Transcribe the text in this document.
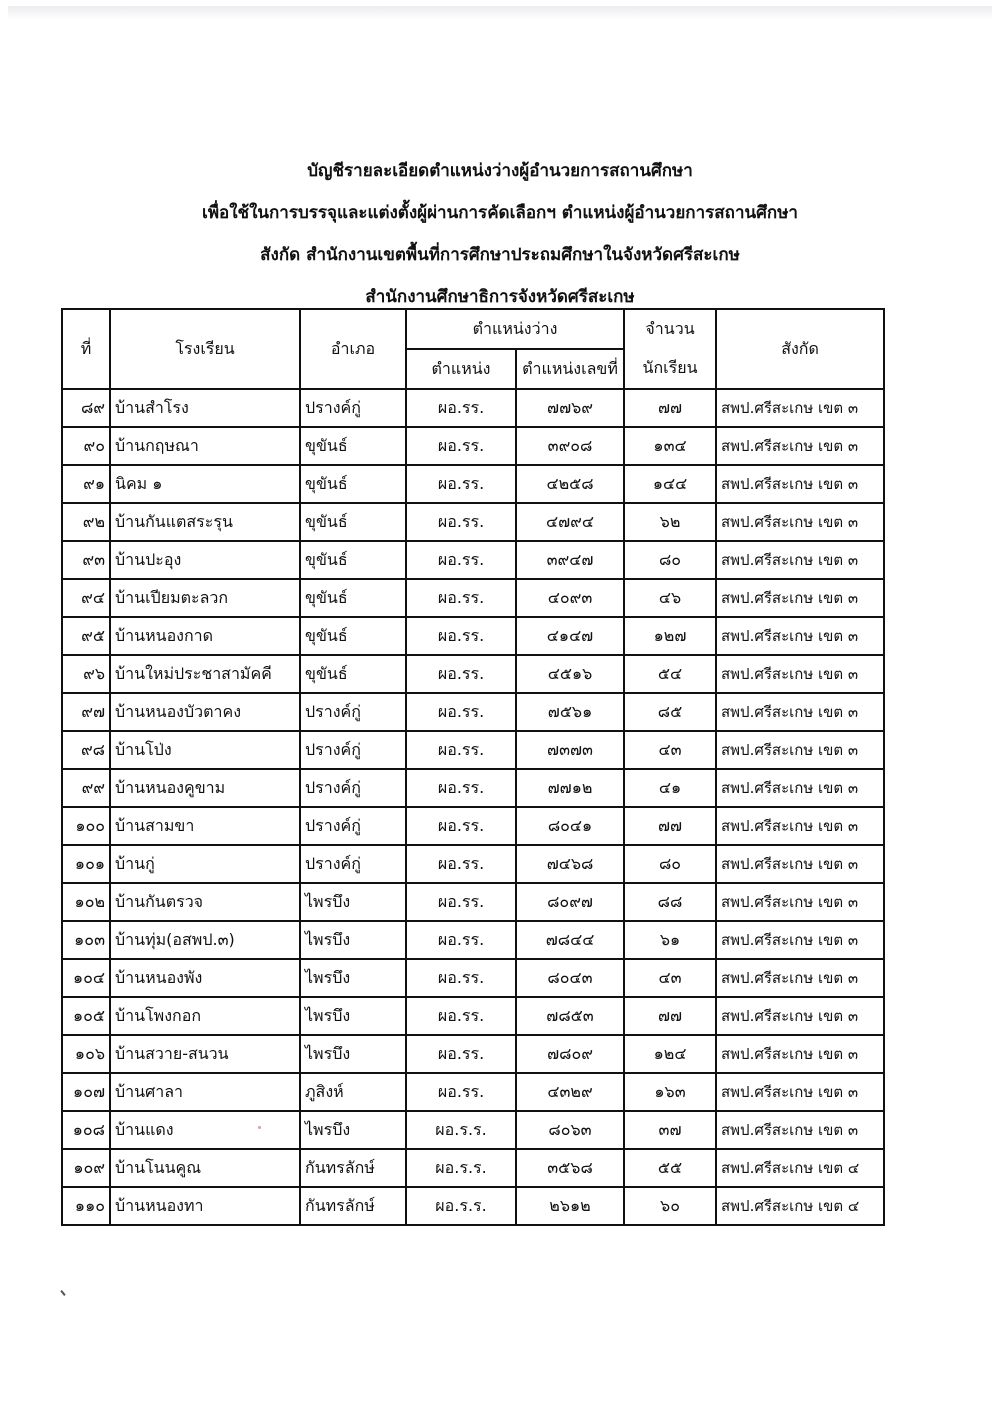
บัญชีรายละเอียดตำแหน่งว่างผู้อำนวยการสถานศึกษา
เพื่อใช้ในการบรรจุและแต่งตั้งผู้ผ่านการคัดเลือกฯ ตำแหน่งผู้อำนวยการสถานศึกษา
สังกัด สำนักงานเขตพื้นที่การศึกษาประถมศึกษาในจังหวัดศรีสะเกษ
สำนักงานศึกษาธิการจังหวัดศรีสะเกษ
ที่	โรงเรียน	อำเภอ	ตำแหน่งว่าง		จำนวน	สังกัด
			ตำแหน่ง	ตำแหน่งเลขที่	นักเรียน	
๘๙	บ้านสำโรง	ปรางค์กู่	ผอ.รร.	๗๗๖๙	๗๗	สพป.ศรีสะเกษ เขต ๓
๙๐	บ้านกฤษณา	ขุขันธ์	ผอ.รร.	๓๙๐๘	๑๓๔	สพป.ศรีสะเกษ เขต ๓
๙๑	นิคม ๑	ขุขันธ์	ผอ.รร.	๔๒๕๘	๑๔๔	สพป.ศรีสะเกษ เขต ๓
๙๒	บ้านกันแตสระรุน	ขุขันธ์	ผอ.รร.	๔๗๙๔	๖๒	สพป.ศรีสะเกษ เขต ๓
๙๓	บ้านปะอุง	ขุขันธ์	ผอ.รร.	๓๙๔๗	๘๐	สพป.ศรีสะเกษ เขต ๓
๙๔	บ้านเปียมตะลวก	ขุขันธ์	ผอ.รร.	๔๐๙๓	๔๖	สพป.ศรีสะเกษ เขต ๓
๙๕	บ้านหนองกาด	ขุขันธ์	ผอ.รร.	๔๑๔๗	๑๒๗	สพป.ศรีสะเกษ เขต ๓
๙๖	บ้านใหม่ประชาสามัคคี	ขุขันธ์	ผอ.รร.	๔๕๑๖	๕๔	สพป.ศรีสะเกษ เขต ๓
๙๗	บ้านหนองบัวตาคง	ปรางค์กู่	ผอ.รร.	๗๕๖๑	๘๕	สพป.ศรีสะเกษ เขต ๓
๙๘	บ้านโป่ง	ปรางค์กู่	ผอ.รร.	๗๓๗๓	๔๓	สพป.ศรีสะเกษ เขต ๓
๙๙	บ้านหนองคูขาม	ปรางค์กู่	ผอ.รร.	๗๗๑๒	๔๑	สพป.ศรีสะเกษ เขต ๓
๑๐๐	บ้านสามขา	ปรางค์กู่	ผอ.รร.	๘๐๔๑	๗๗	สพป.ศรีสะเกษ เขต ๓
๑๐๑	บ้านกู่	ปรางค์กู่	ผอ.รร.	๗๔๖๘	๘๐	สพป.ศรีสะเกษ เขต ๓
๑๐๒	บ้านกันตรวจ	ไพรบึง	ผอ.รร.	๘๐๙๗	๘๘	สพป.ศรีสะเกษ เขต ๓
๑๐๓	บ้านทุ่ม(อสพป.๓)	ไพรบึง	ผอ.รร.	๗๘๔๔	๖๑	สพป.ศรีสะเกษ เขต ๓
๑๐๔	บ้านหนองพัง	ไพรบึง	ผอ.รร.	๘๐๔๓	๔๓	สพป.ศรีสะเกษ เขต ๓
๑๐๕	บ้านโพงกอก	ไพรบึง	ผอ.รร.	๗๘๕๓	๗๗	สพป.ศรีสะเกษ เขต ๓
๑๐๖	บ้านสวาย-สนวน	ไพรบึง	ผอ.รร.	๗๘๐๙	๑๒๔	สพป.ศรีสะเกษ เขต ๓
๑๐๗	บ้านศาลา	ภูสิงห์	ผอ.รร.	๔๓๒๙	๑๖๓	สพป.ศรีสะเกษ เขต ๓
๑๐๘	บ้านแดง	ไพรบึง	ผอ.ร.ร.	๘๐๖๓	๓๗	สพป.ศรีสะเกษ เขต ๓
๑๐๙	บ้านโนนคูณ	กันทรลักษ์	ผอ.ร.ร.	๓๕๖๘	๕๕	สพป.ศรีสะเกษ เขต ๔
๑๑๐	บ้านหนองทา	กันทรลักษ์	ผอ.ร.ร.	๒๖๑๒	๖๐	สพป.ศรีสะเกษ เขต ๔
